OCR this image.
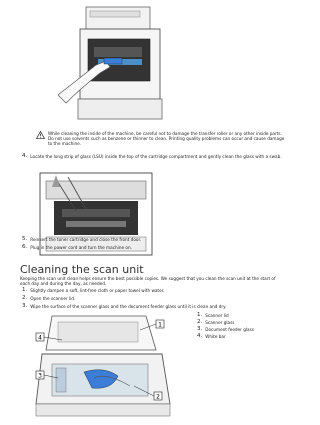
While cleaning the inside of the machine, be careful not to damage the transfer roller or any other inside parts. Do not use solvents such as benzene or thinner to clean. Printing quality problems can occur and cause damage to the machine.
4. Locate the long strip of glass (LSU) inside the top of the cartridge compartment and gently clean the glass with a swab.
5. Reinsert the toner cartridge and close the front door.
6. Plug in the power cord and turn the machine on.
Cleaning the scan unit
Keeping the scan unit clean helps ensure the best possible copies. We suggest that you clean the scan unit at the start of each day and during the day, as needed.
1. Slightly dampen a soft, lint-free cloth or paper towel with water.
2. Open the scanner lid.
3. Wipe the surface of the scanner glass and the document feeder glass until it is clean and dry.
1. Scanner lid
2. Scanner glass
3. Document feeder glass
4. White bar
4
1
3
2
